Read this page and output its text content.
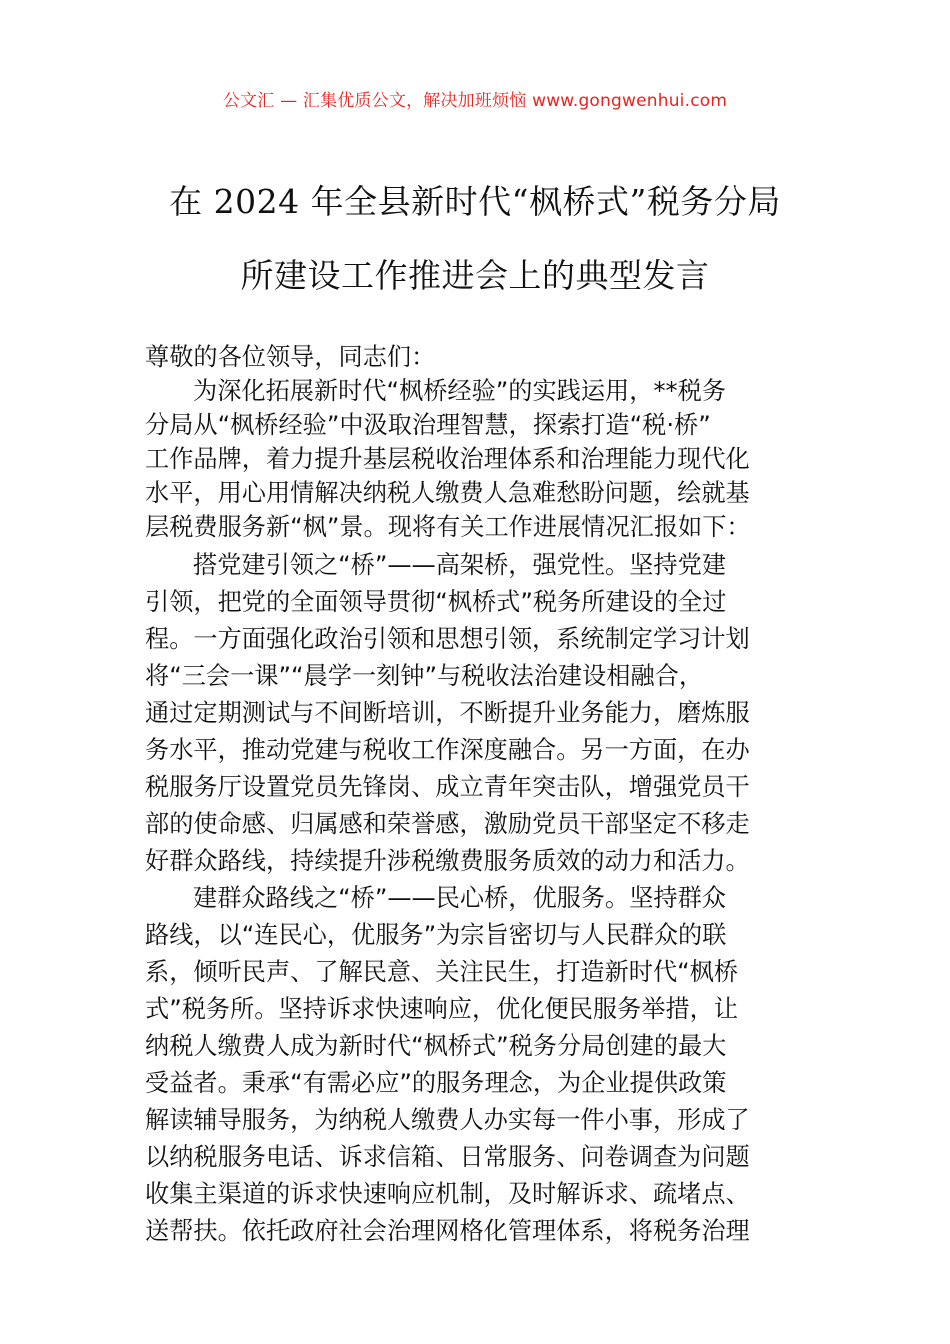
公文汇 — 汇集优质公文，解决加班烦恼 www.gongwenhui.com
在 2024 年全县新时代“枫桥式”税务分局
所建设工作推进会上的典型发言
尊敬的各位领导，同志们：
为深化拓展新时代“枫桥经验”的实践运用，**税务
分局从“枫桥经验”中汲取治理智慧，探索打造“税·桥”
工作品牌，着力提升基层税收治理体系和治理能力现代化
水平，用心用情解决纳税人缴费人急难愁盼问题，绘就基
层税费服务新“枫”景。现将有关工作进展情况汇报如下：
搭党建引领之“桥”——高架桥，强党性。坚持党建
引领，把党的全面领导贯彻“枫桥式”税务所建设的全过
程。一方面强化政治引领和思想引领，系统制定学习计划
将“三会一课”“晨学一刻钟”与税收法治建设相融合，
通过定期测试与不间断培训，不断提升业务能力，磨炼服
务水平，推动党建与税收工作深度融合。另一方面，在办
税服务厅设置党员先锋岗、成立青年突击队，增强党员干
部的使命感、归属感和荣誉感，激励党员干部坚定不移走
好群众路线，持续提升涉税缴费服务质效的动力和活力。
建群众路线之“桥”——民心桥，优服务。坚持群众
路线，以“连民心，优服务”为宗旨密切与人民群众的联
系，倾听民声、了解民意、关注民生，打造新时代“枫桥
式”税务所。坚持诉求快速响应，优化便民服务举措，让
纳税人缴费人成为新时代“枫桥式”税务分局创建的最大
受益者。秉承“有需必应”的服务理念，为企业提供政策
解读辅导服务，为纳税人缴费人办实每一件小事，形成了
以纳税服务电话、诉求信箱、日常服务、问卷调查为问题
收集主渠道的诉求快速响应机制，及时解诉求、疏堵点、
送帮扶。依托政府社会治理网格化管理体系，将税务治理
